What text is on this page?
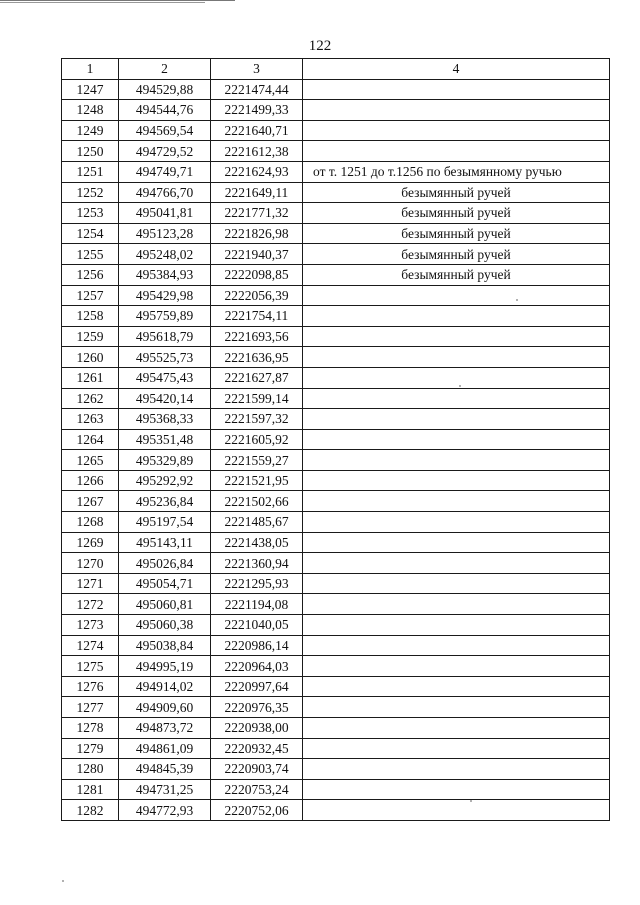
122
1	2	3	4
1247	494529,88	2221474,44	
1248	494544,76	2221499,33	
1249	494569,54	2221640,71	
1250	494729,52	2221612,38	
1251	494749,71	2221624,93	от т. 1251 до т.1256 по безымянному ручью
1252	494766,70	2221649,11	безымянный ручей
1253	495041,81	2221771,32	безымянный ручей
1254	495123,28	2221826,98	безымянный ручей
1255	495248,02	2221940,37	безымянный ручей
1256	495384,93	2222098,85	безымянный ручей
1257	495429,98	2222056,39	
1258	495759,89	2221754,11	
1259	495618,79	2221693,56	
1260	495525,73	2221636,95	
1261	495475,43	2221627,87	
1262	495420,14	2221599,14	
1263	495368,33	2221597,32	
1264	495351,48	2221605,92	
1265	495329,89	2221559,27	
1266	495292,92	2221521,95	
1267	495236,84	2221502,66	
1268	495197,54	2221485,67	
1269	495143,11	2221438,05	
1270	495026,84	2221360,94	
1271	495054,71	2221295,93	
1272	495060,81	2221194,08	
1273	495060,38	2221040,05	
1274	495038,84	2220986,14	
1275	494995,19	2220964,03	
1276	494914,02	2220997,64	
1277	494909,60	2220976,35	
1278	494873,72	2220938,00	
1279	494861,09	2220932,45	
1280	494845,39	2220903,74	
1281	494731,25	2220753,24	
1282	494772,93	2220752,06	
